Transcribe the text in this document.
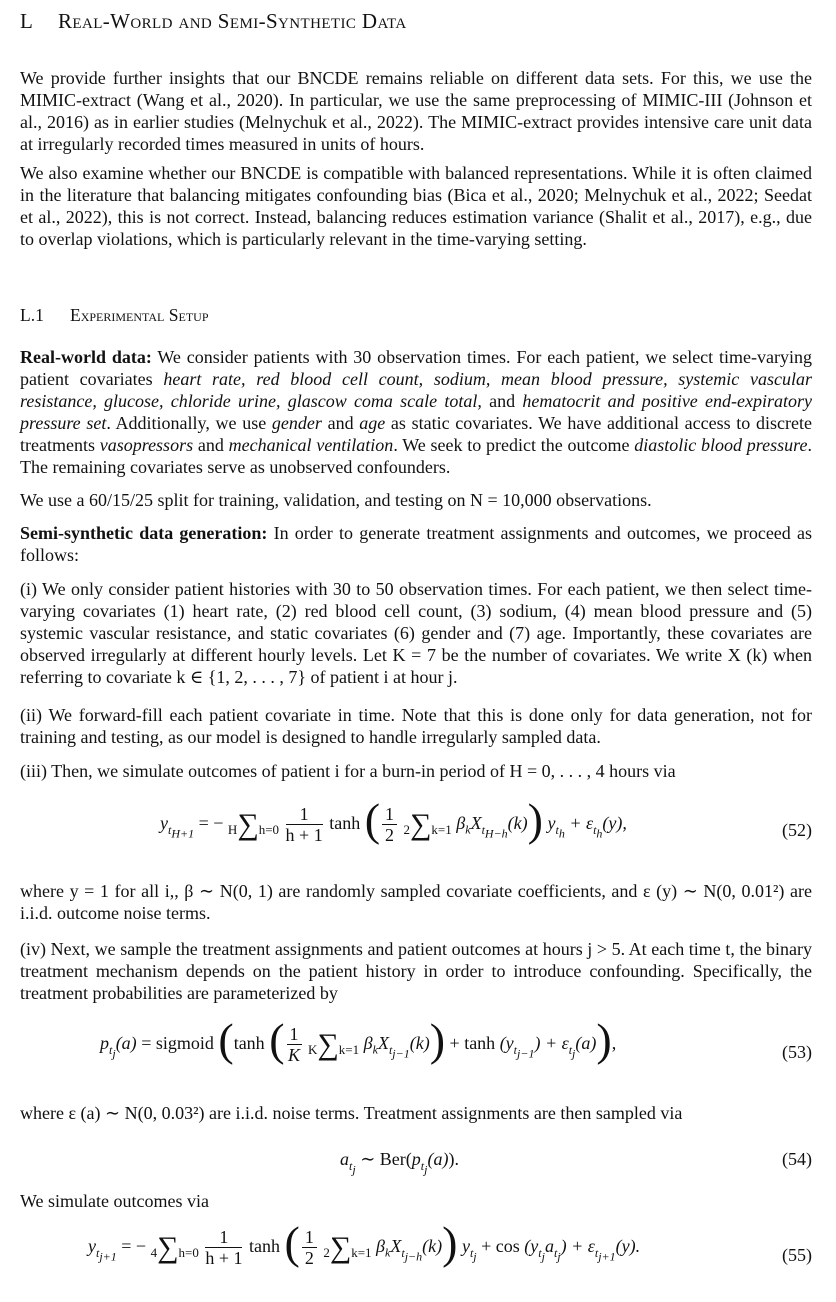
L Real-World and Semi-Synthetic Data
We provide further insights that our BNCDE remains reliable on different data sets. For this, we use the MIMIC-extract (Wang et al., 2020). In particular, we use the same preprocessing of MIMIC-III (Johnson et al., 2016) as in earlier studies (Melnychuk et al., 2022). The MIMIC-extract provides intensive care unit data at irregularly recorded times measured in units of hours.
We also examine whether our BNCDE is compatible with balanced representations. While it is often claimed in the literature that balancing mitigates confounding bias (Bica et al., 2020; Melnychuk et al., 2022; Seedat et al., 2022), this is not correct. Instead, balancing reduces estimation variance (Shalit et al., 2017), e.g., due to overlap violations, which is particularly relevant in the time-varying setting.
L.1 Experimental Setup
Real-world data: We consider patients with 30 observation times. For each patient, we select time-varying patient covariates heart rate, red blood cell count, sodium, mean blood pressure, systemic vascular resistance, glucose, chloride urine, glascow coma scale total, and hematocrit and positive end-expiratory pressure set. Additionally, we use gender and age as static covariates. We have additional access to discrete treatments vasopressors and mechanical ventilation. We seek to predict the outcome diastolic blood pressure. The remaining covariates serve as unobserved confounders.
We use a 60/15/25 split for training, validation, and testing on N = 10,000 observations.
Semi-synthetic data generation: In order to generate treatment assignments and outcomes, we proceed as follows:
(i) We only consider patient histories with 30 to 50 observation times. For each patient, we then select time-varying covariates (1) heart rate, (2) red blood cell count, (3) sodium, (4) mean blood pressure and (5) systemic vascular resistance, and static covariates (6) gender and (7) age. Importantly, these covariates are observed irregularly at different hourly levels. Let K = 7 be the number of covariates. We write X (k) when referring to covariate k ∈ {1, 2, . . . , 7} of patient i at hour j.
(ii) We forward-fill each patient covariate in time. Note that this is done only for data generation, not for training and testing, as our model is designed to handle irregularly sampled data.
(iii) Then, we simulate outcomes of patient i for a burn-in period of H = 0, . . . , 4 hours via
$y_{t_{H+1}}$ = − $H\sum h=0 \frac{1}{h + 1}$ tanh ( $\frac{1}{2} 2\sum k=1$ $\beta_kX_{t_{H-h}}(k)$) $y_{t_h} + \varepsilon_{t_h}(y)$,	(52)
where y = 1 for all i,, β ∼ N(0, 1) are randomly sampled covariate coefficients, and ε (y) ∼ N(0, 0.01²) are i.i.d. outcome noise terms.
(iv) Next, we sample the treatment assignments and patient outcomes at hours j > 5. At each time t, the binary treatment mechanism depends on the patient history in order to introduce confounding. Specifically, the treatment probabilities are parameterized by
$p_{t_j}(a)$ = sigmoid (tanh ( $\frac{1}{K} K\sum k=1$ $\beta_kX_{t_{j-1}}(k)) + \tanh (y_{t_{j-1}}) + \varepsilon_{t_j}(a)$),	(53)
where ε (a) ∼ N(0, 0.03²) are i.i.d. noise terms. Treatment assignments are then sampled via
$a_{t_j}$ ∼ $Ber(p_{t_j}(a))$.	(54)
We simulate outcomes via
$y_{t_{j+1}}$ = − $4\sum h=0 \frac{1}{h + 1}$ tanh ( $\frac{1}{2} 2\sum k=1$ $\beta_kX_{t_{j-h}}(k)$) $y_{t_j} + \cos (y_{t_j}a_{t_j}) + \varepsilon_{t_{j+1}}(y)$.	(55)
